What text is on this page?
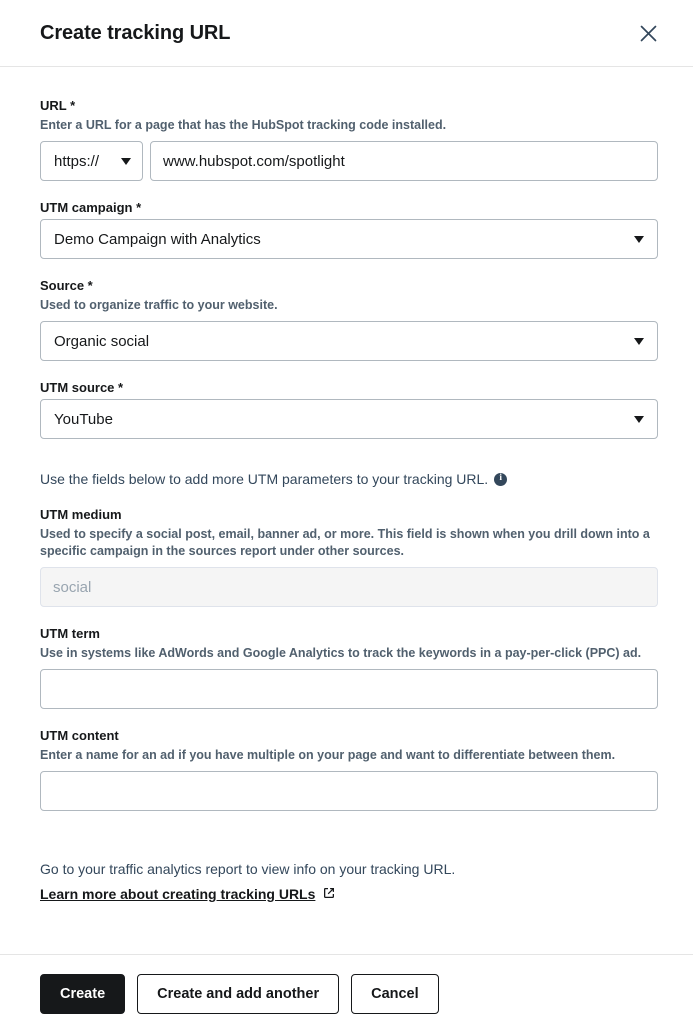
Create tracking URL
URL *
Enter a URL for a page that has the HubSpot tracking code installed.
https://
www.hubspot.com/spotlight
UTM campaign *
Demo Campaign with Analytics
Source *
Used to organize traffic to your website.
Organic social
UTM source *
YouTube
Use the fields below to add more UTM parameters to your tracking URL.	i
UTM medium
Used to specify a social post, email, banner ad, or more. This field is shown when you drill down into a specific campaign in the sources report under other sources.
social
UTM term
Use in systems like AdWords and Google Analytics to track the keywords in a pay-per-click (PPC) ad.
UTM content
Enter a name for an ad if you have multiple on your page and want to differentiate between them.
Go to your traffic analytics report to view info on your tracking URL.
Learn more about creating tracking URLs
Create	Create and add another	Cancel
